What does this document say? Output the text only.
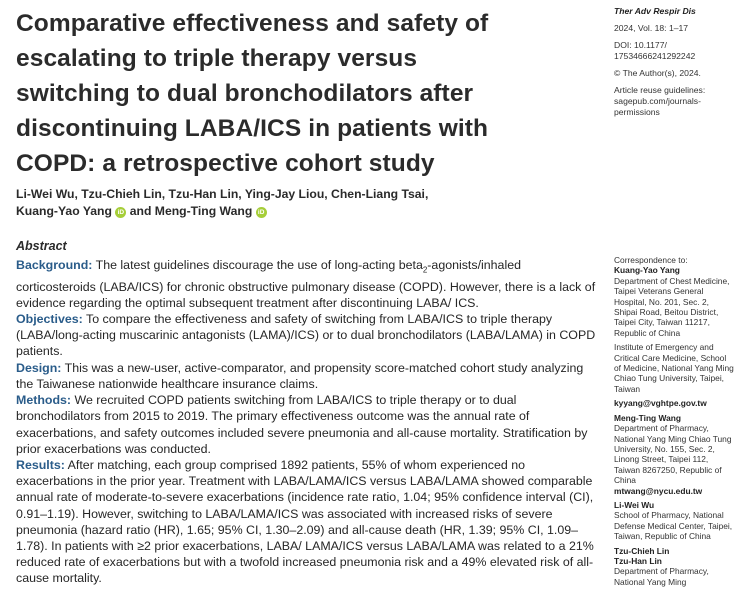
Comparative effectiveness and safety of escalating to triple therapy versus switching to dual bronchodilators after discontinuing LABA/ICS in patients with COPD: a retrospective cohort study
Ther Adv Respir Dis
2024, Vol. 18: 1–17
DOI: 10.1177/
17534666241292242
© The Author(s), 2024.
Article reuse guidelines:
sagepub.com/journals-
permissions
Li-Wei Wu, Tzu-Chieh Lin, Tzu-Han Lin, Ying-Jay Liou, Chen-Liang Tsai,
Kuang-Yao Yang iD and Meng-Ting Wang iD
Abstract

Background: The latest guidelines discourage the use of long-acting beta$_2$-agonists/inhaled corticosteroids (LABA/ICS) for chronic obstructive pulmonary disease (COPD). However, there is a lack of evidence regarding the optimal subsequent treatment after discontinuing LABA/ ICS.

Objectives: To compare the effectiveness and safety of switching from LABA/ICS to triple therapy (LABA/long-acting muscarinic antagonists (LAMA)/ICS) or to dual bronchodilators (LABA/LAMA) in COPD patients.

Design: This was a new-user, active-comparator, and propensity score-matched cohort study analyzing the Taiwanese nationwide healthcare insurance claims.

Methods: We recruited COPD patients switching from LABA/ICS to triple therapy or to dual bronchodilators from 2015 to 2019. The primary effectiveness outcome was the annual rate of exacerbations, and safety outcomes included severe pneumonia and all-cause mortality. Stratification by prior exacerbations was conducted.

Results: After matching, each group comprised 1892 patients, 55% of whom experienced no exacerbations in the prior year. Treatment with LABA/LAMA/ICS versus LABA/LAMA showed comparable annual rate of moderate-to-severe exacerbations (incidence rate ratio, 1.04; 95% confidence interval (CI), 0.91–1.19). However, switching to LABA/LAMA/ICS was associated with increased risks of severe pneumonia (hazard ratio (HR), 1.65; 95% CI, 1.30–2.09) and all-cause death (HR, 1.39; 95% CI, 1.09–1.78). In patients with ≥2 prior exacerbations, LABA/ LAMA/ICS versus LABA/LAMA was related to a 21% reduced rate of exacerbations but with a twofold increased pneumonia risk and a 49% elevated risk of all-cause mortality.

Correspondence to:
Kuang-Yao Yang
Department of Chest Medicine, Taipei Veterans General Hospital, No. 201, Sec. 2, Shipai Road, Beitou District, Taipei City, Taiwan 11217, Republic of China
Institute of Emergency and Critical Care Medicine, School of Medicine, National Yang Ming Chiao Tung University, Taipei, Taiwan
kyyang@vghtpe.gov.tw
Meng-Ting Wang
Department of Pharmacy, National Yang Ming Chiao Tung University, No. 155, Sec. 2, Linong Street, Taipei 112, Taiwan 8267250, Republic of China
mtwang@nycu.edu.tw
Li-Wei Wu
School of Pharmacy, National Defense Medical Center, Taipei, Taiwan, Republic of China
Tzu-Chieh Lin
Tzu-Han Lin
Department of Pharmacy, National Yang Ming
